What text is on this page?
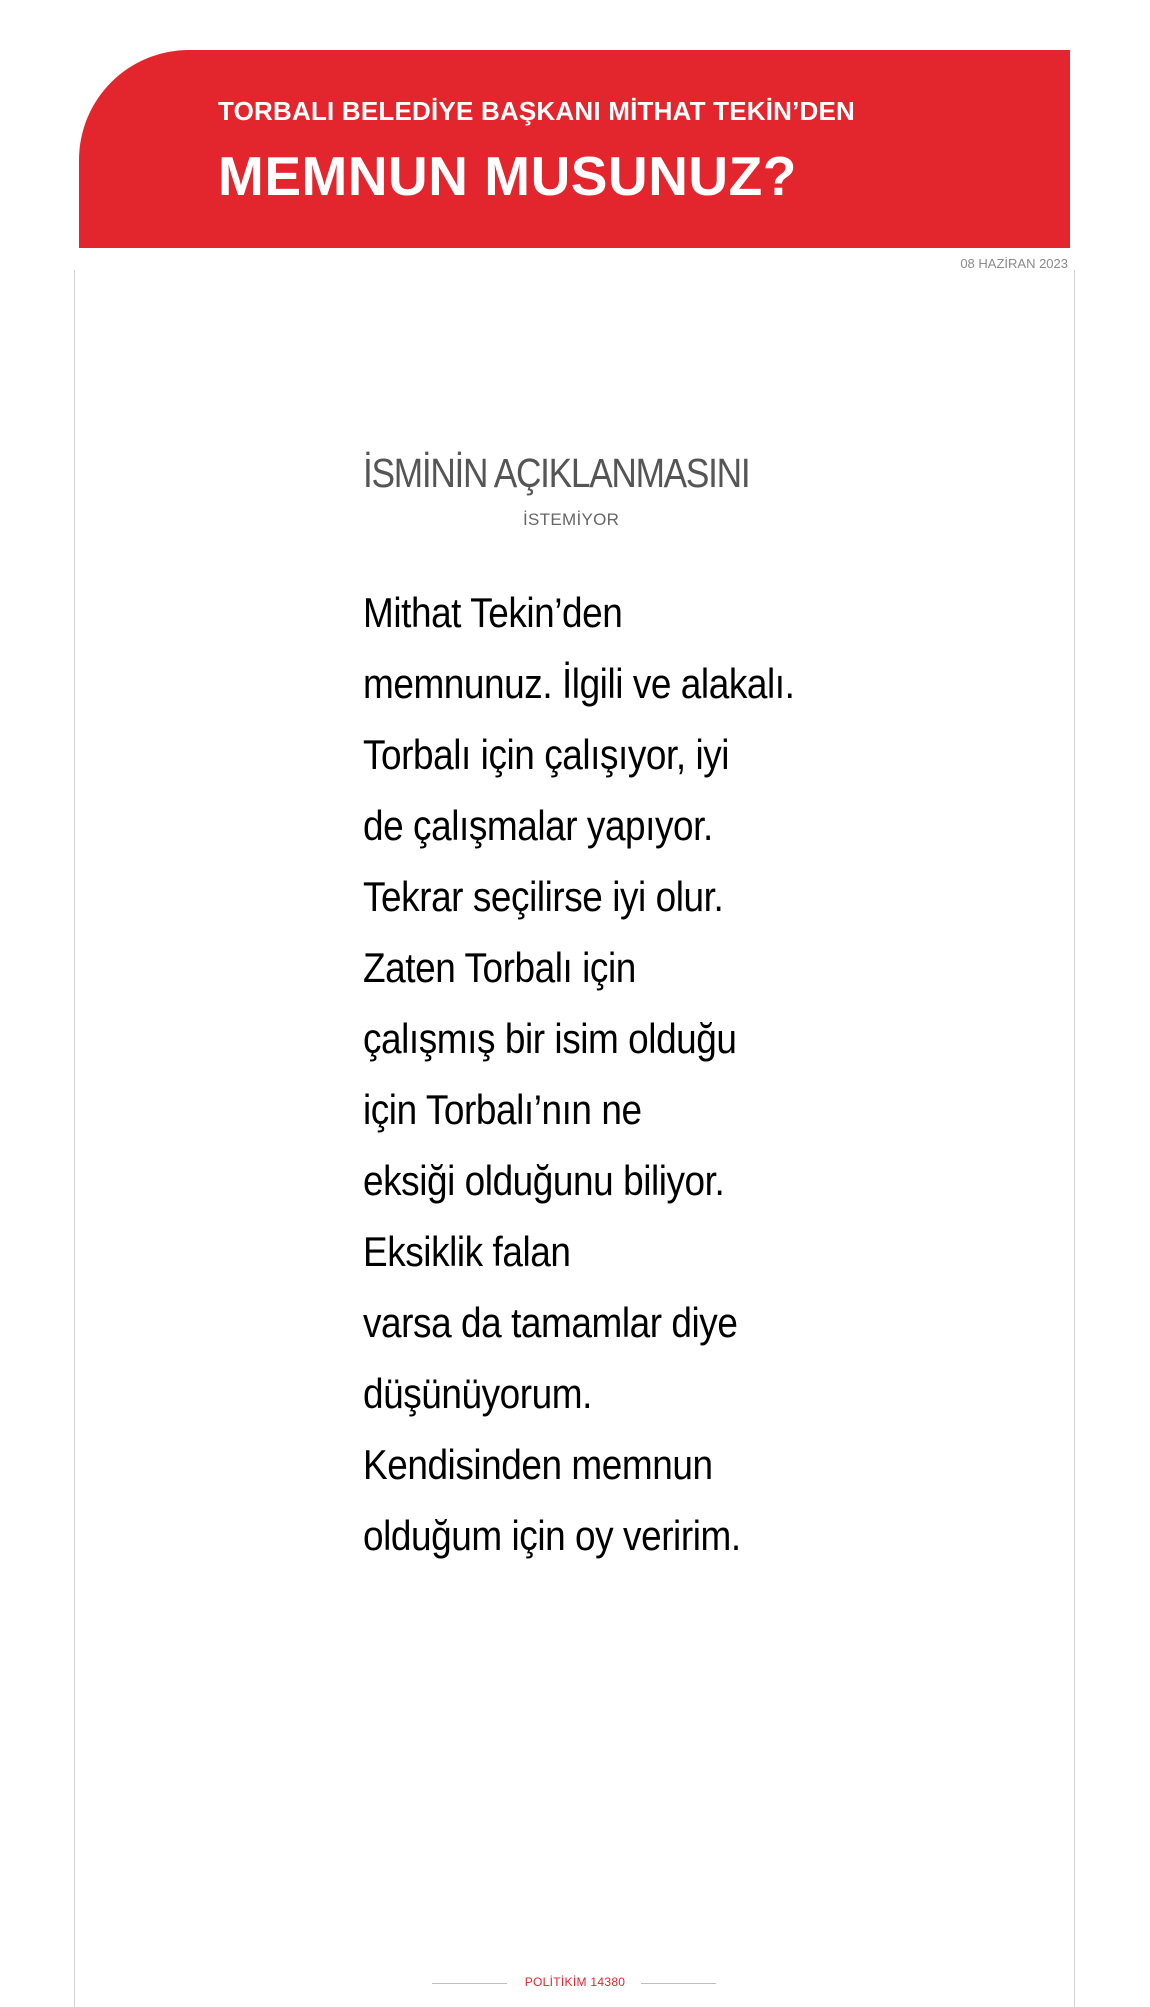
TORBALI BELEDİYE BAŞKANI MİTHAT TEKİN’DEN
MEMNUN MUSUNUZ?
08 HAZİRAN 2023
İSMİNİN AÇIKLANMASINI
İSTEMİYOR
Mithat Tekin’den
memnunuz. İlgili ve alakalı.
Torbalı için çalışıyor, iyi
de çalışmalar yapıyor.
Tekrar seçilirse iyi olur.
Zaten Torbalı için
çalışmış bir isim olduğu
için Torbalı’nın ne
eksiği olduğunu biliyor.
Eksiklik falan
varsa da tamamlar diye
düşünüyorum.
Kendisinden memnun
olduğum için oy veririm.
POLİTİKİM 14380
